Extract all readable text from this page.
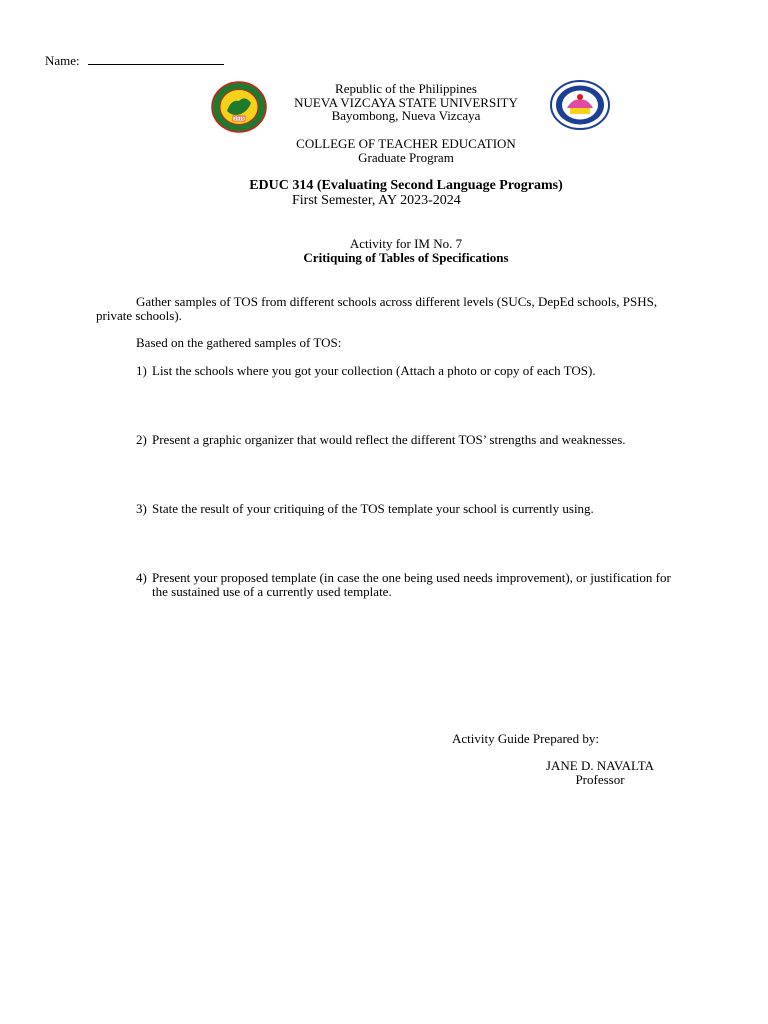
Name:
1916
Republic of the Philippines
NUEVA VIZCAYA STATE UNIVERSITY
Bayombong, Nueva Vizcaya
COLLEGE OF TEACHER EDUCATION
Graduate Program
EDUC 314 (Evaluating Second Language Programs)
First Semester, AY 2023-2024
Activity for IM No. 7
Critiquing of Tables of Specifications
Gather samples of TOS from different schools across different levels (SUCs, DepEd schools, PSHS,
private schools).
Based on the gathered samples of TOS:
1) List the schools where you got your collection (Attach a photo or copy of each TOS).
2) Present a graphic organizer that would reflect the different TOS’ strengths and weaknesses.
3) State the result of your critiquing of the TOS template your school is currently using.
4) Present your proposed template (in case the one being used needs improvement), or justification for
the sustained use of a currently used template.
Activity Guide Prepared by:
JANE D. NAVALTA
Professor
